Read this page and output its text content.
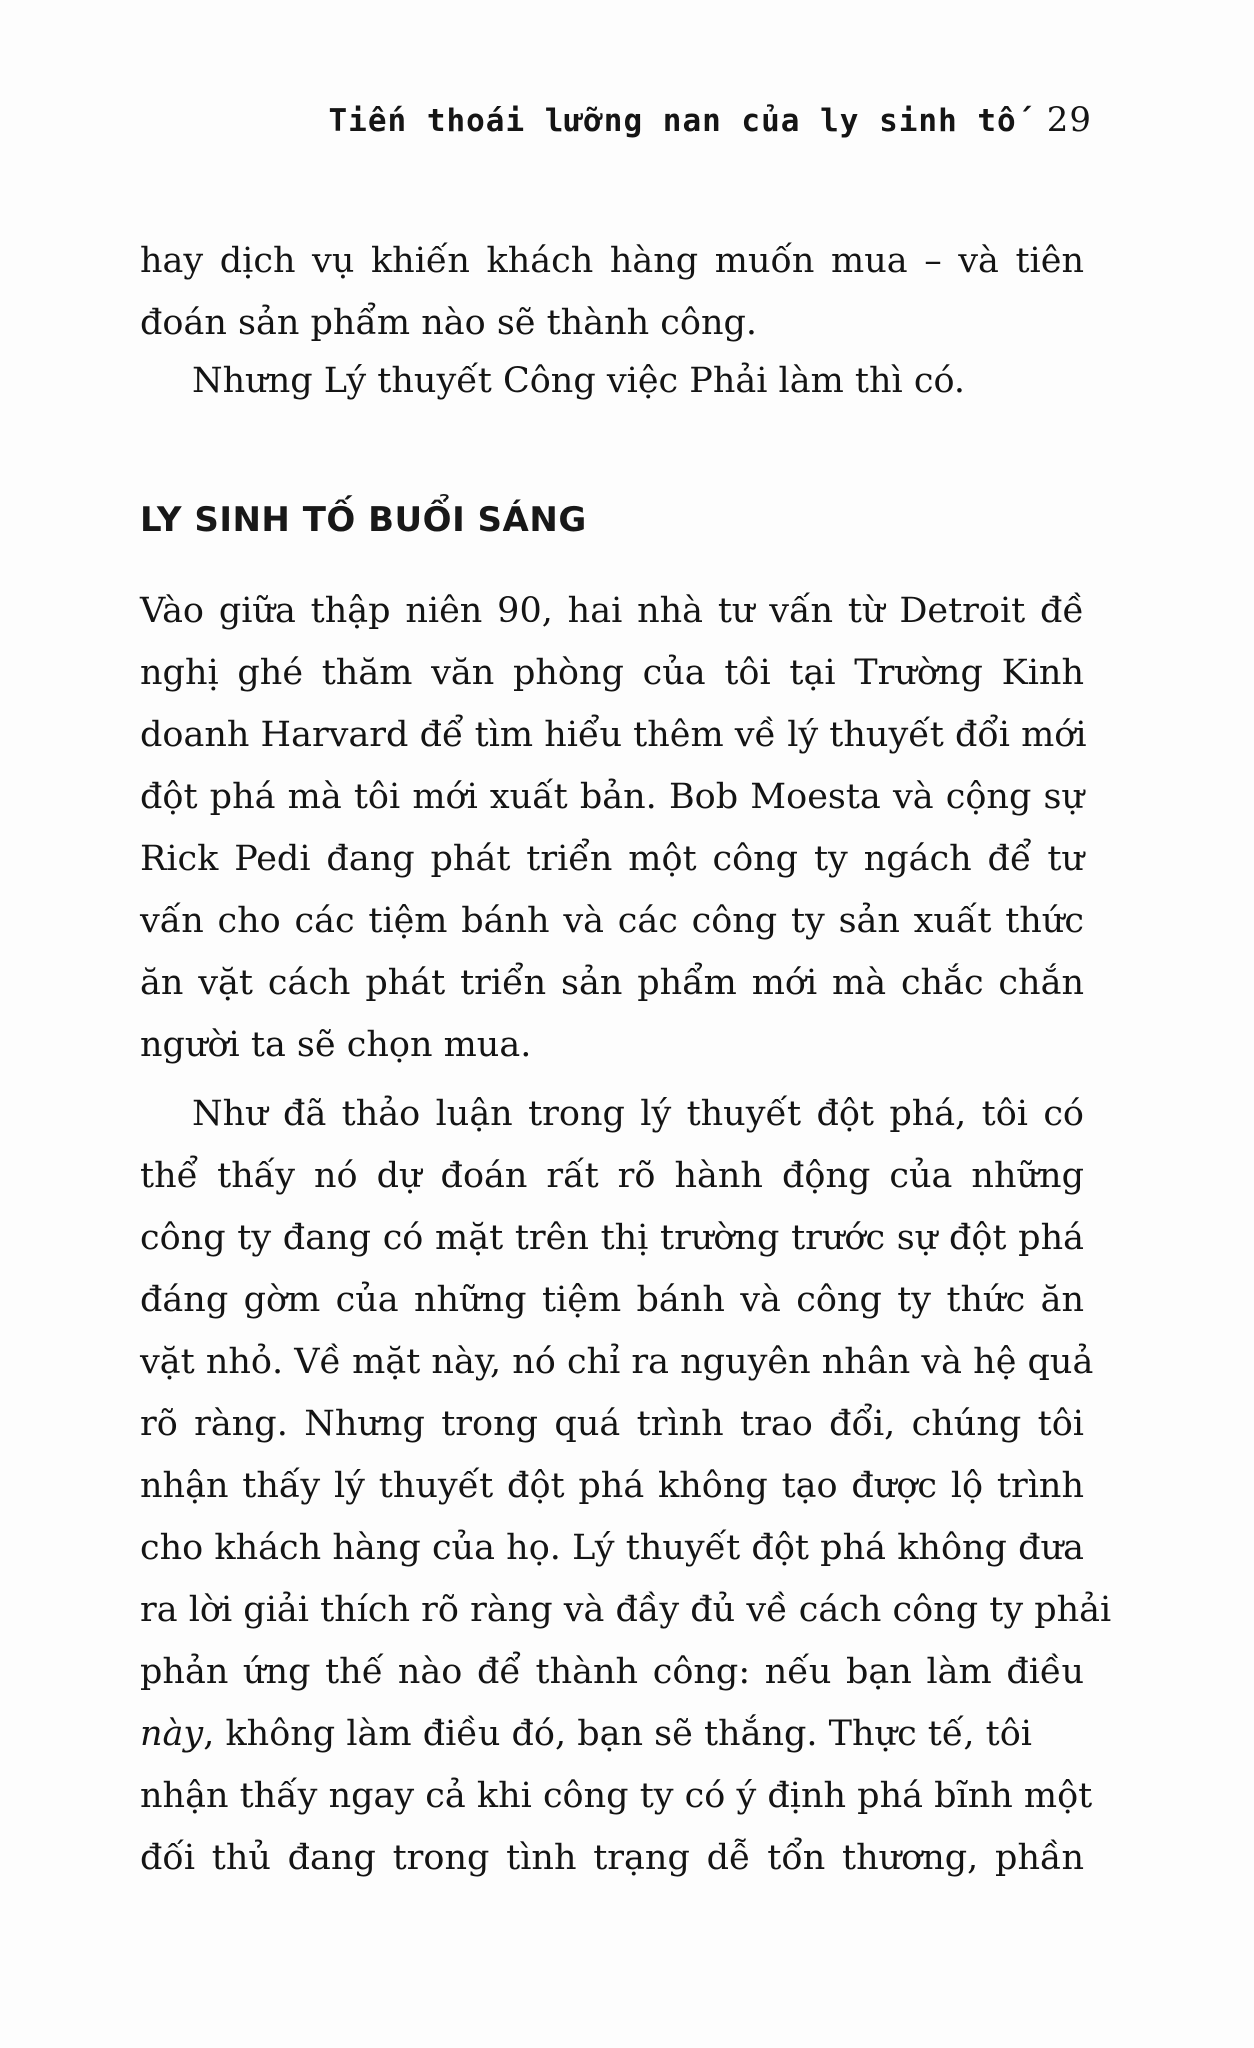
Tiến thoái lưỡng nan của ly sinh tố 29
hay dịch vụ khiến khách hàng muốn mua – và tiên
đoán sản phẩm nào sẽ thành công.
Nhưng Lý thuyết Công việc Phải làm thì có.
LY SINH TỐ BUỔI SÁNG
Vào giữa thập niên 90, hai nhà tư vấn từ Detroit đề
nghị ghé thăm văn phòng của tôi tại Trường Kinh
doanh Harvard để tìm hiểu thêm về lý thuyết đổi mới
đột phá mà tôi mới xuất bản. Bob Moesta và cộng sự
Rick Pedi đang phát triển một công ty ngách để tư
vấn cho các tiệm bánh và các công ty sản xuất thức
ăn vặt cách phát triển sản phẩm mới mà chắc chắn
người ta sẽ chọn mua.
Như đã thảo luận trong lý thuyết đột phá, tôi có
thể thấy nó dự đoán rất rõ hành động của những
công ty đang có mặt trên thị trường trước sự đột phá
đáng gờm của những tiệm bánh và công ty thức ăn
vặt nhỏ. Về mặt này, nó chỉ ra nguyên nhân và hệ quả
rõ ràng. Nhưng trong quá trình trao đổi, chúng tôi
nhận thấy lý thuyết đột phá không tạo được lộ trình
cho khách hàng của họ. Lý thuyết đột phá không đưa
ra lời giải thích rõ ràng và đầy đủ về cách công ty phải
phản ứng thế nào để thành công: nếu bạn làm điều
này, không làm điều đó, bạn sẽ thắng. Thực tế, tôi
nhận thấy ngay cả khi công ty có ý định phá bĩnh một
đối thủ đang trong tình trạng dễ tổn thương, phần
